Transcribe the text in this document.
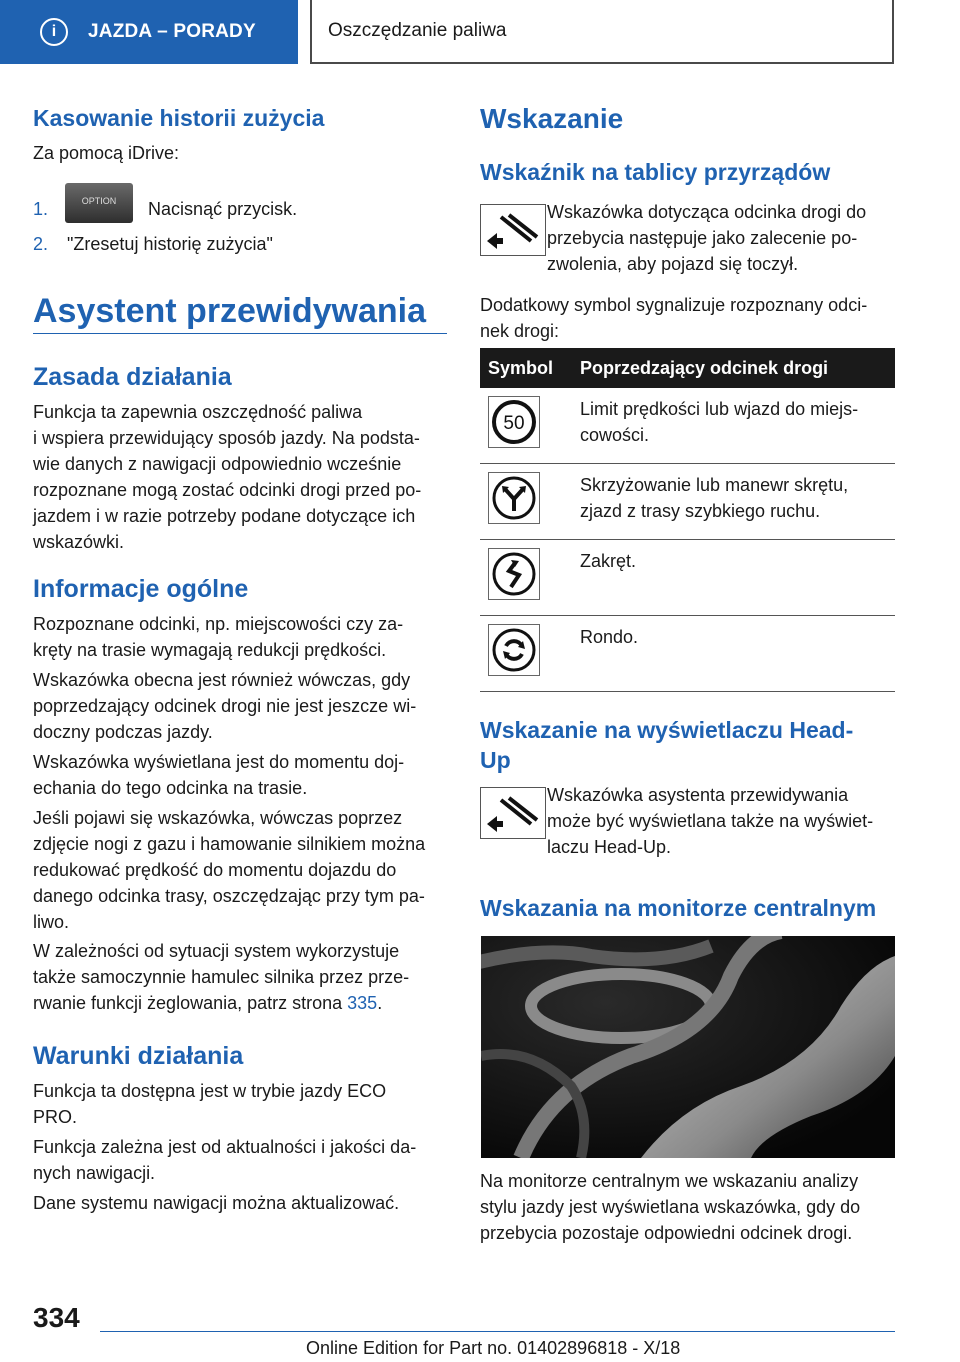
i	JAZDA – PORADY	Oszczędzanie paliwa
Kasowanie historii zużycia
Za pomocą iDrive:
1.	OPTION Nacisnąć przycisk.
2. "Zresetuj historię zużycia"
Asystent przewidywania
Zasada działania
Funkcja ta zapewnia oszczędność paliwa
i wspiera przewidujący sposób jazdy. Na podsta-
wie danych z nawigacji odpowiednio wcześnie
rozpoznane mogą zostać odcinki drogi przed po-
jazdem i w razie potrzeby podane dotyczące ich
wskazówki.
Informacje ogólne
Rozpoznane odcinki, np. miejscowości czy za-
kręty na trasie wymagają redukcji prędkości.
Wskazówka obecna jest również wówczas, gdy
poprzedzający odcinek drogi nie jest jeszcze wi-
doczny podczas jazdy.
Wskazówka wyświetlana jest do momentu doj-
echania do tego odcinka na trasie.
Jeśli pojawi się wskazówka, wówczas poprzez
zdjęcie nogi z gazu i hamowanie silnikiem można
redukować prędkość do momentu dojazdu do
danego odcinka trasy, oszczędzając przy tym pa-
liwo.
W zależności od sytuacji system wykorzystuje
także samoczynnie hamulec silnika przez prze-
rwanie funkcji żeglowania, patrz strona 335.
Warunki działania
Funkcja ta dostępna jest w trybie jazdy ECO
PRO.
Funkcja zależna jest od aktualności i jakości da-
nych nawigacji.
Dane systemu nawigacji można aktualizować.
Wskazanie
Wskaźnik na tablicy przyrządów
Wskazówka dotycząca odcinka drogi do
przebycia następuje jako zalecenie po-
zwolenia, aby pojazd się toczył.
Dodatkowy symbol sygnalizuje rozpoznany odci-
nek drogi:
Symbol	Poprzedzający odcinek drogi

50	Limit prędkości lub wjazd do miejs-
cowości.

	Skrzyżowanie lub manewr skrętu,
zjazd z trasy szybkiego ruchu.

	Zakręt.

	Rondo.
Wskazanie na wyświetlaczu Head-
Up
Wskazówka asystenta przewidywania
może być wyświetlana także na wyświet-
laczu Head-Up.
Wskazania na monitorze centralnym
Na monitorze centralnym we wskazaniu analizy
stylu jazdy jest wyświetlana wskazówka, gdy do
przebycia pozostaje odpowiedni odcinek drogi.
334
Online Edition for Part no. 01402896818 - X/18
